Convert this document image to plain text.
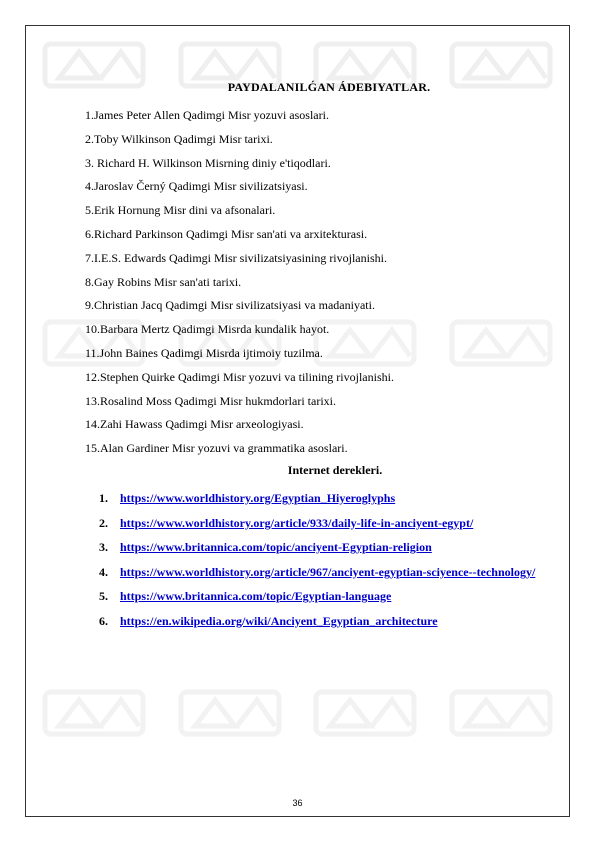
PAYDALANILǴAN ÁDEBIYATLAR.
1.James Peter Allen Qadimgi Misr yozuvi asoslari.
2.Toby Wilkinson Qadimgi Misr tarixi.
3. Richard H. Wilkinson Misrning diniy e'tiqodlari.
4.Jaroslav Černý Qadimgi Misr sivilizatsiyasi.
5.Erik Hornung Misr dini va afsonalari.
6.Richard Parkinson Qadimgi Misr san'ati va arxitekturasi.
7.I.E.S. Edwards Qadimgi Misr sivilizatsiyasining rivojlanishi.
8.Gay Robins Misr san'ati tarixi.
9.Christian Jacq Qadimgi Misr sivilizatsiyasi va madaniyati.
10.Barbara Mertz Qadimgi Misrda kundalik hayot.
11.John Baines Qadimgi Misrda ijtimoiy tuzilma.
12.Stephen Quirke Qadimgi Misr yozuvi va tilining rivojlanishi.
13.Rosalind Moss Qadimgi Misr hukmdorlari tarixi.
14.Zahi Hawass Qadimgi Misr arxeologiyasi.
15.Alan Gardiner Misr yozuvi va grammatika asoslari.
Internet derekleri.
1.	https://www.worldhistory.org/Egyptian_Hiyeroglyphs
2.	https://www.worldhistory.org/article/933/daily-life-in-anciyent-egypt/
3.	https://www.britannica.com/topic/anciyent-Egyptian-religion
4.	https://www.worldhistory.org/article/967/anciyent-egyptian-sciyence--technology/
5.	https://www.britannica.com/topic/Egyptian-language
6.	https://en.wikipedia.org/wiki/Anciyent_Egyptian_architecture
36
